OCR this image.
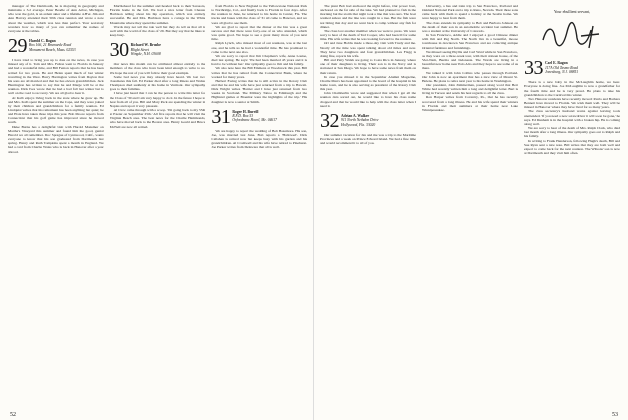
manager of The Dartmouth, he is majoring in geography and maintains a 3.2 average. Peter Beadle of Ann Arbor, Michigan, who won the gold, is an ardent skier and a lifetime 4-H'er. Jim and Ann Harvey attended their 50th class reunion and wrote a note about the weather, which was less than perfect. Your secretary wonders how so many of you can remember the names of everyone at the tables.

29 Harold C. Bogan
Box 166, 21 Brumarde Road
Monument Beach, Mass. 02553

I have tried to bring you up to date on the news, in case you missed any of it. Tom and Mrs. Fulton went to Florida in January and had a wonderful time, and Bill Fenton reports that he has been retired for two years. He and Helen spent much of last winter travelling in the West. Harry Harrington writes from Dayton that his sons are all married and that he has eleven grandchildren. Jack Huntington has written to say that he and Marge will be at the reunion. Dick Ives wrote that he had a bad fall last winter but is well on the road to recovery. We are all glad to hear it.

Al Kalb enjoys living back in the state where he grew up. He and Mrs. Kalb spent the summer on the Cape, and they were joined by their children and grandchildren for a family reunion. Ed Lindquist writes that his retirement has been anything but quiet; he and Elsie have taken three trips this year. Bob Moore reports from Connecticut that his golf game has improved since he moved south.

Duke Burns has a delightful visit with Harold Mansmer on Martha's Vineyard this summer and found him the good, genial Harold we all remember. Doc Sprague of Lynnwood, Calif., wants everyone to know that his son graduated from Dartmouth last spring. Henry and Ruth Tompkins spent a month in England. We had a card from Charlie Wales who is back in Hanover after a year abroad.

Marblehead for the summer and headed back to their Sarasota, Florida home in the fall. We had a nice letter from Chester Harbison telling about his hip operation, which was entirely successful. He and Mrs. Harbison have a cottage in the White Mountains where they spend the summer.

Words may not tell the tale well but they do tell us that all is well with the world of the class of '29. But they say that he likes to keep busy.

30 Richard W. Brusbe
Bligbt Street
Wingde, N.H. 03608

Our news this month can be attributed almost entirely to the members of the class who have been kind enough to write to us. We hope the rest of you will follow their good example.

Some bad news you may already have heard. We lost two classmates this fall. Ed Parker died after a long illness and Walter Thompson died suddenly at his home in Vermont. Our sympathy goes to their families.

I have just heard that I can be the person to write this letter for the Class of '30 and I am very happy to do it. In the future I hope to hear from all of you. Bill and Mary Peck are spending the winter in Naples and report it very pleasant.

Al Clow came through with a scoop. 'I'm going back to my 55th at Exeter on September 25th.' All five reports that he will visit the Virginia Beach area. The best news for the Charlie Hammonds, who have moved back to the Boston area. Henry Gould and Bruce McNeil are now all retired.

from Florida to New England to the Yellowstone National Park to Northridge, Cal., and finally back to Florida in four days. After the reunion in June, he returned to his home in Center, Fla. The trucks and buses with the class of '31 all came to Hanover, and we were all glad to see them.

We are glad to report that the dinner at the Inn was a great success and that there were forty-one of us who attended, which was quite good. We hope to see a great many more of you next time.

Ralph Lynch, who missed most of our reunions, was at the last one, and he tells us he had a wonderful time. He has promised to come to the next one also.

We are sorry to report that Jim Chapman's wife, Anne Louise, died last spring. He says: 'We had been married 43 years and it is hard to be without her.' Our sympathy goes to Jim and his family.

We also note here the Bill Emmons at Woodstock this year. Bill writes that he has retired from the Connecticut Bank, where he worked for many years.

Herbert Ewing writes that he is still active in the Rotary Club and that he and his wife have just returned from a trip to Hawaii. Dick Wright writes 'Harriet and I have just returned from two weeks in Scotland. The Military Tattoo in Edinburgh and the Highland games at Braemar were the highlights of the trip.' His daughter is now a senior at Smith.

31 Roger H. Burrill
R.F.D. Box 53
Orfordnanc Hovel, Me. 04617

We are happy to report the wedding of Bob Bazemore. His son, Joe, was married last June. Bob reports a 'Hallowed'. Dick Callahan is retired now but keeps busy with his garden and his grandchildren. Al Cromwell and his wife have retired to Pinehurst. Joe Parker writes from Delaware that all is well.

52

The plant Bob had anchored the night before, Our power boat, anchored on the far side of the lake. We had planned to fish in the morning but the storm that night took a line that was ours. The boat washed ashore and the line was caught in a tree. But the fish were not biting that day and we went back to camp without any fish for dinner.

The class lost another member when we went to press. We were sorry to hear of the death of Ted Cooper, who had been ill for some time. His wife writes that he was looking forward to the reunion.

Orl and Jane Hobbs made a three-day visit with Trudy and me. Nearly all the time was spent talking about old times and new. They have two daughters and four grandchildren. Les Flagg is doing fine, reports his wife.

Bill and Patty Walsh are going to Costa Rica in January, where one of their daughters is living. Their son is in the Navy and is stationed at San Diego. We hope to have some news from them on their return.

In case you missed it in the September Alumni Magazine, Charlie Marrs has been appointed to the board of the hospital in his home town, and he is also serving as president of the Rotary Club this year.

John Chamberlin wrote and suggested that when I get all the reunion data sorted out, he would like to have his class name dropped and that he would like to help with the class letter when I need it.

32 Adrian A. Walker
911 North Nethdon Drive
Hollywood, Fla. 33020

Our summer vacation for Jan and me was a trip to the Maritime Provinces and a week on Prince Edward Island. We had a fine time and would recommend it to all of you.

University, a bus and train trip to San Francisco, Portland and Oakland National Park and a trip to Reno, Nevada. Their three sons came back with them to spend a holiday at the Seattle home. We were happy to hear from them.

The class extends its sympathy to Bob and Barbara Johnson on the death of their son in an automobile accident last summer. He was a student at the University of Colorado.

In San Francisco, Addie and I enjoyed a good Chinese dinner with Jim and Peg North. The North live in a beautiful, moose townhouse in downtown San Francisco and are collecting antique Oriental furniture and furnishings.

We missed seeing Phyllis and Carl Ward while in San Francisco, as they were on a three-week tour, with their sixteen house, of the Viet-Nam, Burma and Indonesia. The Wards are living in a beautiful new home near Palo Alto and they hope to see some of us there.

We talked it with John Collins who passes through Portland. Our John is now an apartment that has a nice view of Mount St. Helens. He plans to retire next year to his home in Washington.

Our president, John Zimmerman, passed along word that Bert White had recently written him a long and delightful letter. Bert is living in Tucson and sends his best regards to all the class.

Ron Harper writes from Coventry, Pa., that he has recently recovered from a long illness. He and his wife spend their winters in Florida and their summers at their home near Lake Winnipesaukee.

Your ebullient servant,
33 Carl E. Ragon
117A Old Tasmo Road
Jonesburg, N.J. 08851

There is a new baby in the McLaughlin home, we hear. Everyone is doing fine. Joe McLaughlin is now a grandfather for the fourth time and he is very proud. He plans to take his grandchildren to the Carnival this winter.

Two Hanover residents have recently moved: Parris and Barbara Bennett have moved to Florida. We wish them well. They will be missed in Hanover where they have lived for so many years.

The class secretary's husband warns against leaving tools unattended. 'If you need a new screwdriver it will soon be gone,' he says. Ed Dunham is in the hospital with a broken hip. He is coming along well.

We are sorry to hear of the death of Mrs. Ralph Clark, who died last month after a long illness. Our sympathy goes out to Ralph and his family.

In writing to Frank Henderson, following Hugh's death, Bill and Sue Ryan sent a nice note. Bill writes that they are both well and expect to come back for the next reunion. The Wilsons' son is now at Dartmouth and they visit him often.

53
